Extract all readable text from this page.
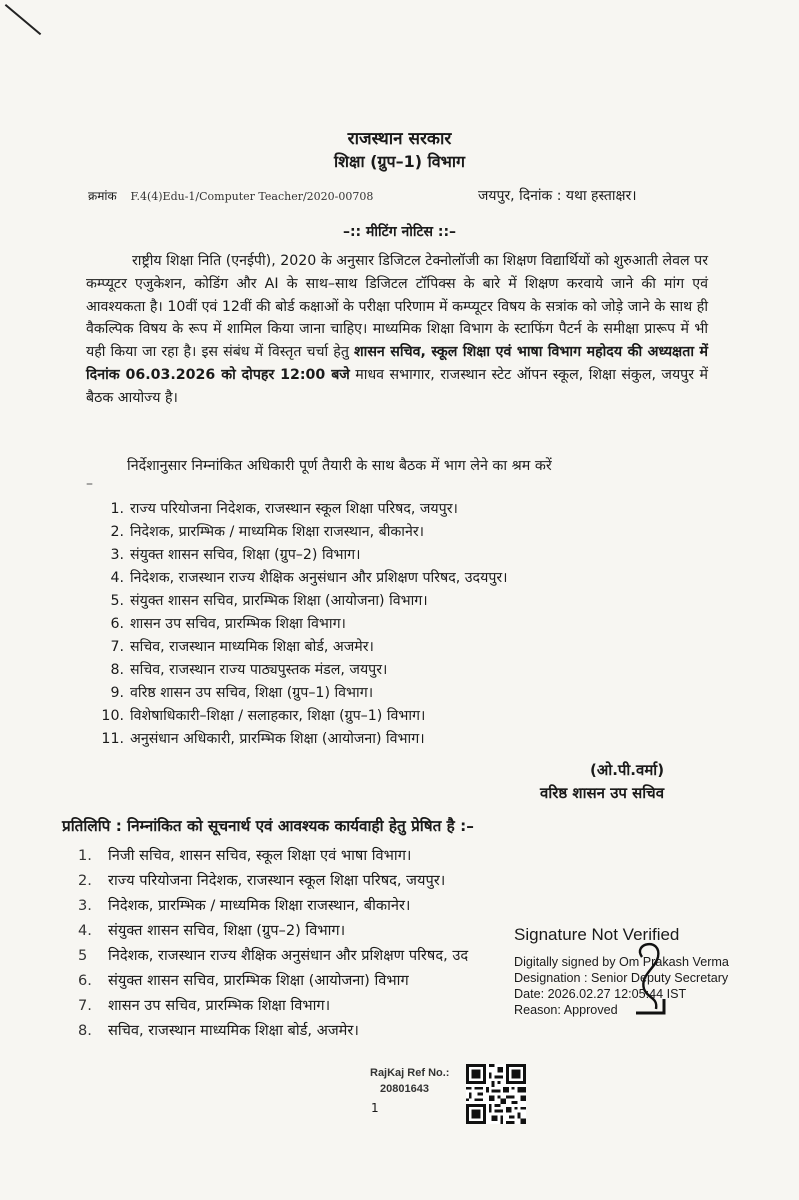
राजस्थान सरकार
शिक्षा (ग्रुप–1) विभाग
क्रमांक F.4(4)Edu-1/Computer Teacher/2020-00708	जयपुर, दिनांक : यथा हस्ताक्षर।
–:: मीटिंग नोटिस ::–
राष्ट्रीय शिक्षा निति (एनईपी), 2020 के अनुसार डिजिटल टेक्नोलॉजी का शिक्षण विद्यार्थियों को शुरुआती लेवल पर कम्प्यूटर एजुकेशन, कोडिंग और AI के साथ–साथ डिजिटल टॉपिक्स के बारे में शिक्षण करवाये जाने की मांग एवं आवश्यकता है। 10वीं एवं 12वीं की बोर्ड कक्षाओं के परीक्षा परिणाम में कम्प्यूटर विषय के सत्रांक को जोड़े जाने के साथ ही वैकल्पिक विषय के रूप में शामिल किया जाना चाहिए। माध्यमिक शिक्षा विभाग के स्टाफिंग पैटर्न के समीक्षा प्रारूप में भी यही किया जा रहा है। इस संबंध में विस्तृत चर्चा हेतु शासन सचिव, स्कूल शिक्षा एवं भाषा विभाग महोदय की अध्यक्षता में दिनांक 06.03.2026 को दोपहर 12:00 बजे माधव सभागार, राजस्थान स्टेट ऑपन स्कूल, शिक्षा संकुल, जयपुर में बैठक आयोज्य है।
निर्देशानुसार निम्नांकित अधिकारी पूर्ण तैयारी के साथ बैठक में भाग लेने का श्रम करें
–
1. राज्य परियोजना निदेशक, राजस्थान स्कूल शिक्षा परिषद, जयपुर।
2. निदेशक, प्रारम्भिक / माध्यमिक शिक्षा राजस्थान, बीकानेर।
3. संयुक्त शासन सचिव, शिक्षा (ग्रुप–2) विभाग।
4. निदेशक, राजस्थान राज्य शैक्षिक अनुसंधान और प्रशिक्षण परिषद, उदयपुर।
5. संयुक्त शासन सचिव, प्रारम्भिक शिक्षा (आयोजना) विभाग।
6. शासन उप सचिव, प्रारम्भिक शिक्षा विभाग।
7. सचिव, राजस्थान माध्यमिक शिक्षा बोर्ड, अजमेर।
8. सचिव, राजस्थान राज्य पाठ्यपुस्तक मंडल, जयपुर।
9. वरिष्ठ शासन उप सचिव, शिक्षा (ग्रुप–1) विभाग।
10. विशेषाधिकारी–शिक्षा / सलाहकार, शिक्षा (ग्रुप–1) विभाग।
11. अनुसंधान अधिकारी, प्रारम्भिक शिक्षा (आयोजना) विभाग।
(ओ.पी.वर्मा)
वरिष्ठ शासन उप सचिव
प्रतिलिपि : निम्नांकित को सूचनार्थ एवं आवश्यक कार्यवाही हेतु प्रेषित है :–
1. निजी सचिव, शासन सचिव, स्कूल शिक्षा एवं भाषा विभाग।
2. राज्य परियोजना निदेशक, राजस्थान स्कूल शिक्षा परिषद, जयपुर।
3. निदेशक, प्रारम्भिक / माध्यमिक शिक्षा राजस्थान, बीकानेर।
4. संयुक्त शासन सचिव, शिक्षा (ग्रुप–2) विभाग।
5 निदेशक, राजस्थान राज्य शैक्षिक अनुसंधान और प्रशिक्षण परिषद, उद
6. संयुक्त शासन सचिव, प्रारम्भिक शिक्षा (आयोजना) विभाग
7. शासन उप सचिव, प्रारम्भिक शिक्षा विभाग।
8. सचिव, राजस्थान माध्यमिक शिक्षा बोर्ड, अजमेर।
Signature Not Verified
Digitally signed by Om Prakash Verma
Designation : Senior Deputy Secretary
Date: 2026.02.27 12:05:44 IST
Reason: Approved
RajKaj Ref No.:
20801643
1
